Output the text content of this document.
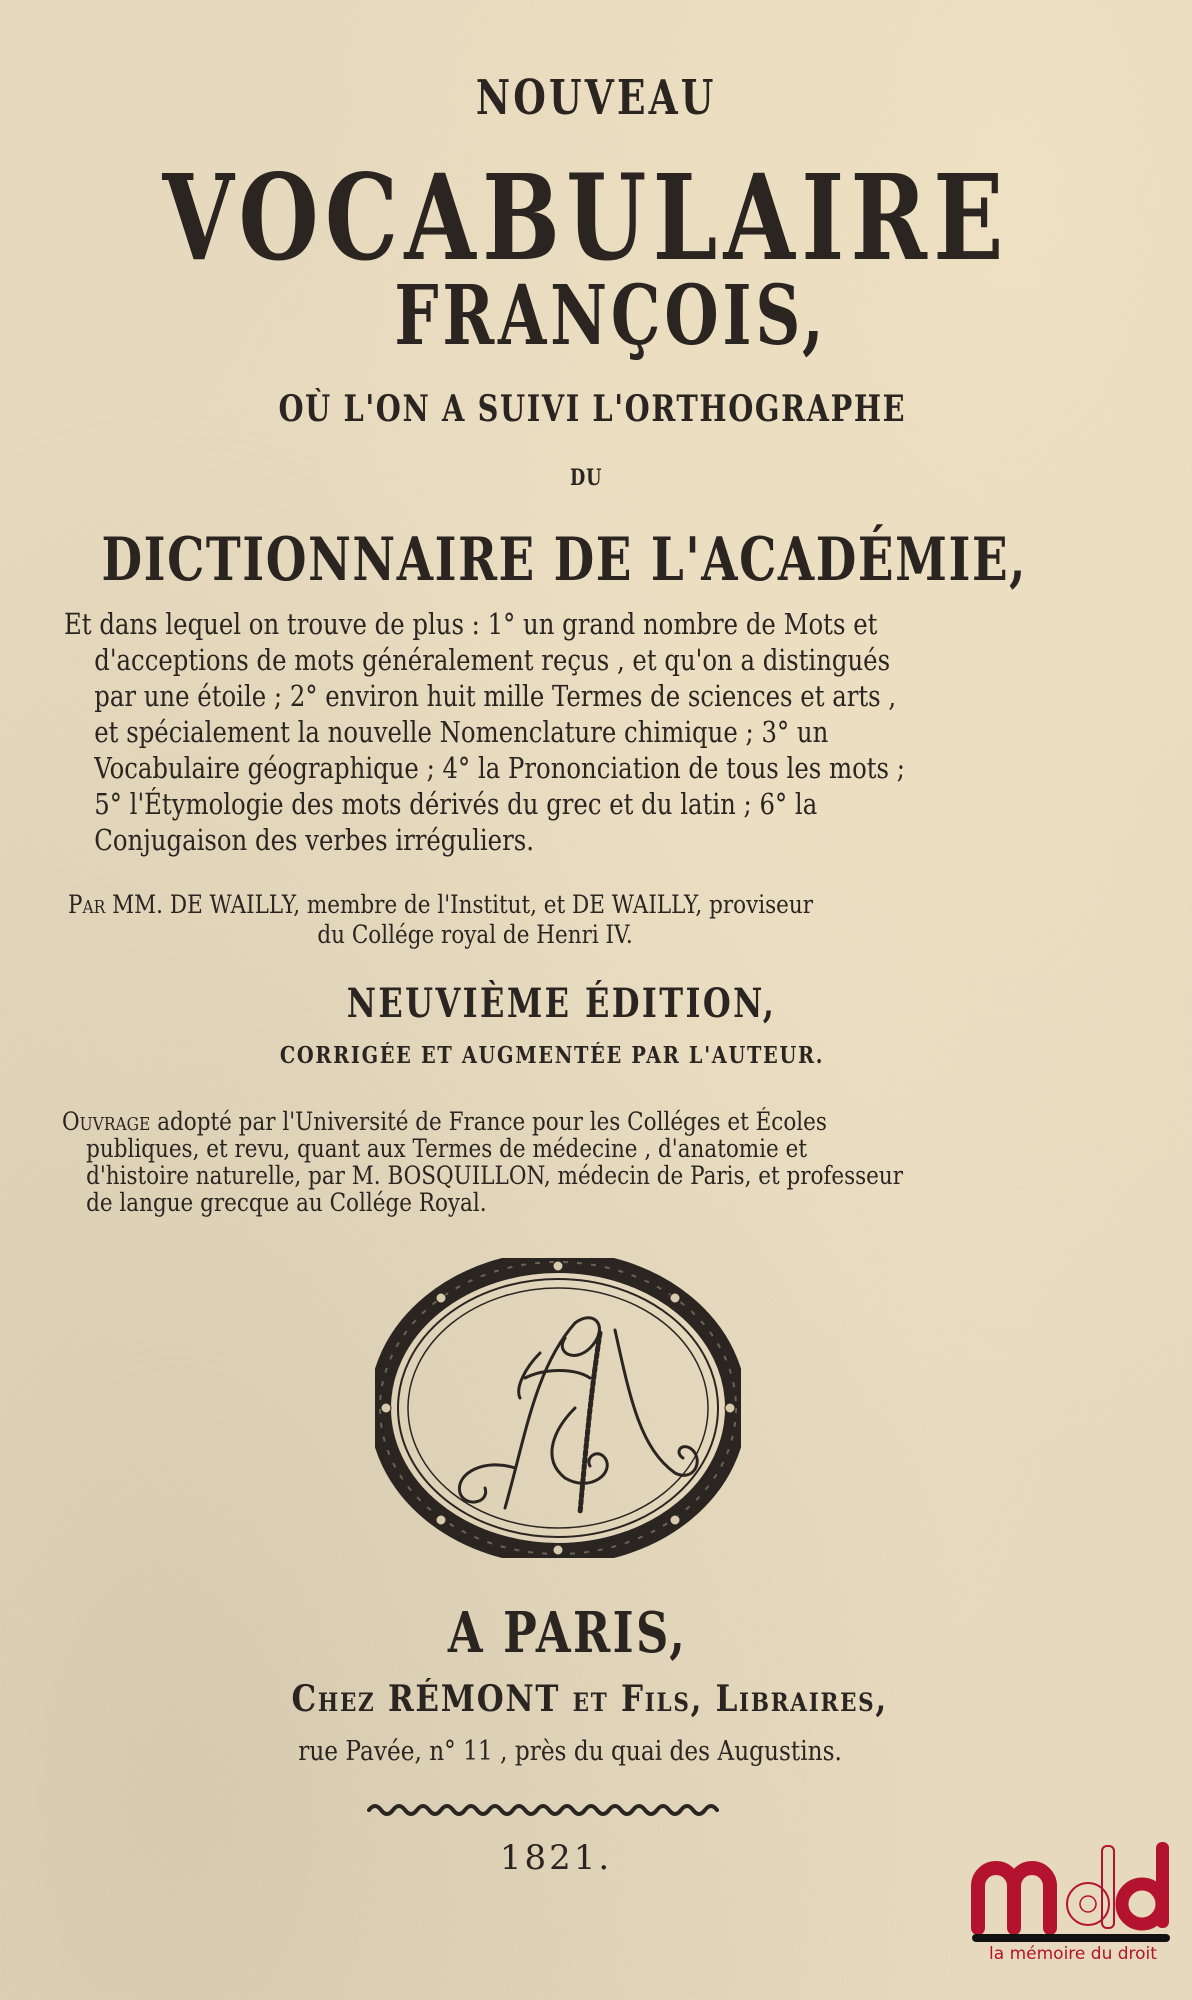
NOUVEAU
VOCABULAIRE
FRANÇOIS,
OÙ L'ON A SUIVI L'ORTHOGRAPHE
DU
DICTIONNAIRE DE L'ACADÉMIE,
Et dans lequel on trouve de plus : 1° un grand nombre de Mots et
d'acceptions de mots généralement reçus , et qu'on a distingués
par une étoile ; 2° environ huit mille Termes de sciences et arts ,
et spécialement la nouvelle Nomenclature chimique ; 3° un
Vocabulaire géographique ; 4° la Prononciation de tous les mots ;
5° l'Étymologie des mots dérivés du grec et du latin ; 6° la
Conjugaison des verbes irréguliers.
Par MM. DE WAILLY, membre de l'Institut, et DE WAILLY, proviseur
du Collége royal de Henri IV.
NEUVIÈME ÉDITION,
CORRIGÉE ET AUGMENTÉE PAR L'AUTEUR.
Ouvrage adopté par l'Université de France pour les Colléges et Écoles
publiques, et revu, quant aux Termes de médecine , d'anatomie et
d'histoire naturelle, par M. BOSQUILLON, médecin de Paris, et professeur
de langue grecque au Collége Royal.
A PARIS,
Chez RÉMONT et Fils, Libraires,
rue Pavée, n° 11 , près du quai des Augustins.
1821.
la mémoire du droit
